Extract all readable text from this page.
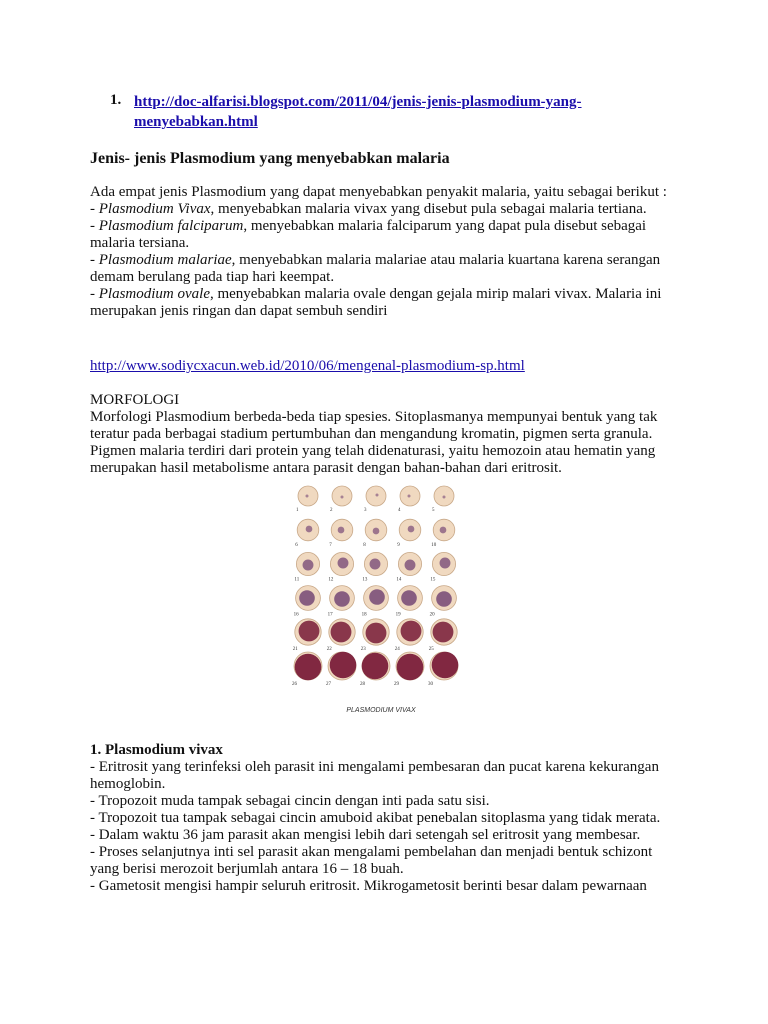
1. http://doc-alfarisi.blogspot.com/2011/04/jenis-jenis-plasmodium-yang-menyebabkan.html
Jenis- jenis Plasmodium yang menyebabkan malaria

Ada empat jenis Plasmodium yang dapat menyebabkan penyakit malaria, yaitu sebagai berikut :

- Plasmodium Vivax, menyebabkan malaria vivax yang disebut pula sebagai malaria tertiana.

- Plasmodium falciparum, menyebabkan malaria falciparum yang dapat pula disebut sebagai malaria tersiana.

- Plasmodium malariae, menyebabkan malaria malariae atau malaria kuartana karena serangan demam berulang pada tiap hari keempat.

- Plasmodium ovale, menyebabkan malaria ovale dengan gejala mirip malari vivax. Malaria ini merupakan jenis ringan dan dapat sembuh sendiri

http://www.sodiycxacun.web.id/2010/06/mengenal-plasmodium-sp.html

MORFOLOGI

Morfologi Plasmodium berbeda-beda tiap spesies. Sitoplasmanya mempunyai bentuk yang tak teratur pada berbagai stadium pertumbuhan dan mengandung kromatin, pigmen serta granula. Pigmen malaria terdiri dari protein yang telah didenaturasi, yaitu hemozoin atau hematin yang merupakan hasil metabolisme antara parasit dengan bahan-bahan dari eritrosit.

1	2	3	4	5
6	7	8	9	10
11	12	13	14	15
16	17	18	19	20
21	22	23	24	25
26	27	28	29	30
PLASMODIUM VIVAX

1. Plasmodium vivax

- Eritrosit yang terinfeksi oleh parasit ini mengalami pembesaran dan pucat karena kekurangan hemoglobin.

- Tropozoit muda tampak sebagai cincin dengan inti pada satu sisi.

- Tropozoit tua tampak sebagai cincin amuboid akibat penebalan sitoplasma yang tidak merata.

- Dalam waktu 36 jam parasit akan mengisi lebih dari setengah sel eritrosit yang membesar.

- Proses selanjutnya inti sel parasit akan mengalami pembelahan dan menjadi bentuk schizont yang berisi merozoit berjumlah antara 16 – 18 buah.

- Gametosit mengisi hampir seluruh eritrosit. Mikrogametosit berinti besar dalam pewarnaan
